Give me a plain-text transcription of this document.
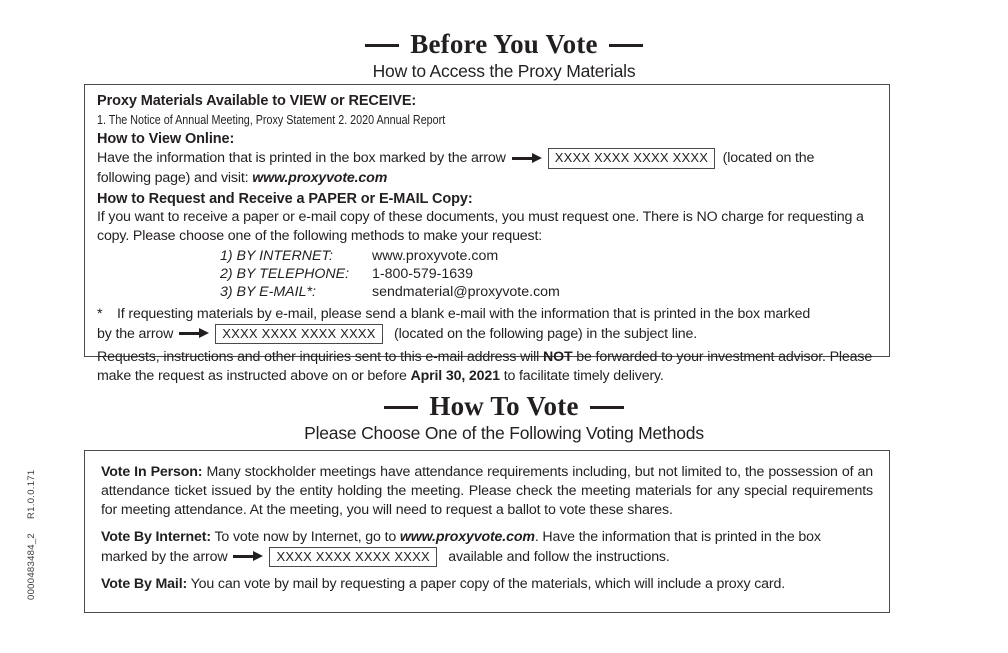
0000483484_2R1.0.0.171
Before You Vote
How to Access the Proxy Materials
Proxy Materials Available to VIEW or RECEIVE:
1. The Notice of Annual Meeting, Proxy Statement 2. 2020 Annual Report
How to View Online:
Have the information that is printed in the box marked by the arrow	XXXX XXXX XXXX XXXX (located on the
following page) and visit: www.proxyvote.com
How to Request and Receive a PAPER or E-MAIL Copy:
If you want to receive a paper or e-mail copy of these documents, you must request one. There is NO charge for requesting a copy. Please choose one of the following methods to make your request:
1) BY INTERNET:	www.proxyvote.com
2) BY TELEPHONE:	1-800-579-1639
3) BY E-MAIL*:	sendmaterial@proxyvote.com
* If requesting materials by e-mail, please send a blank e-mail with the information that is printed in the box marked
by the arrow	XXXX XXXX XXXX XXXX (located on the following page) in the subject line.
Requests, instructions and other inquiries sent to this e-mail address will NOT be forwarded to your investment advisor. Please make the request as instructed above on or before April 30, 2021 to facilitate timely delivery.
How To Vote
Please Choose One of the Following Voting Methods
Vote In Person: Many stockholder meetings have attendance requirements including, but not limited to, the possession of an attendance ticket issued by the entity holding the meeting. Please check the meeting materials for any special requirements for meeting attendance. At the meeting, you will need to request a ballot to vote these shares.
Vote By Internet: To vote now by Internet, go to www.proxyvote.com. Have the information that is printed in the box
marked by the arrow	XXXX XXXX XXXX XXXX available and follow the instructions.
Vote By Mail: You can vote by mail by requesting a paper copy of the materials, which will include a proxy card.
